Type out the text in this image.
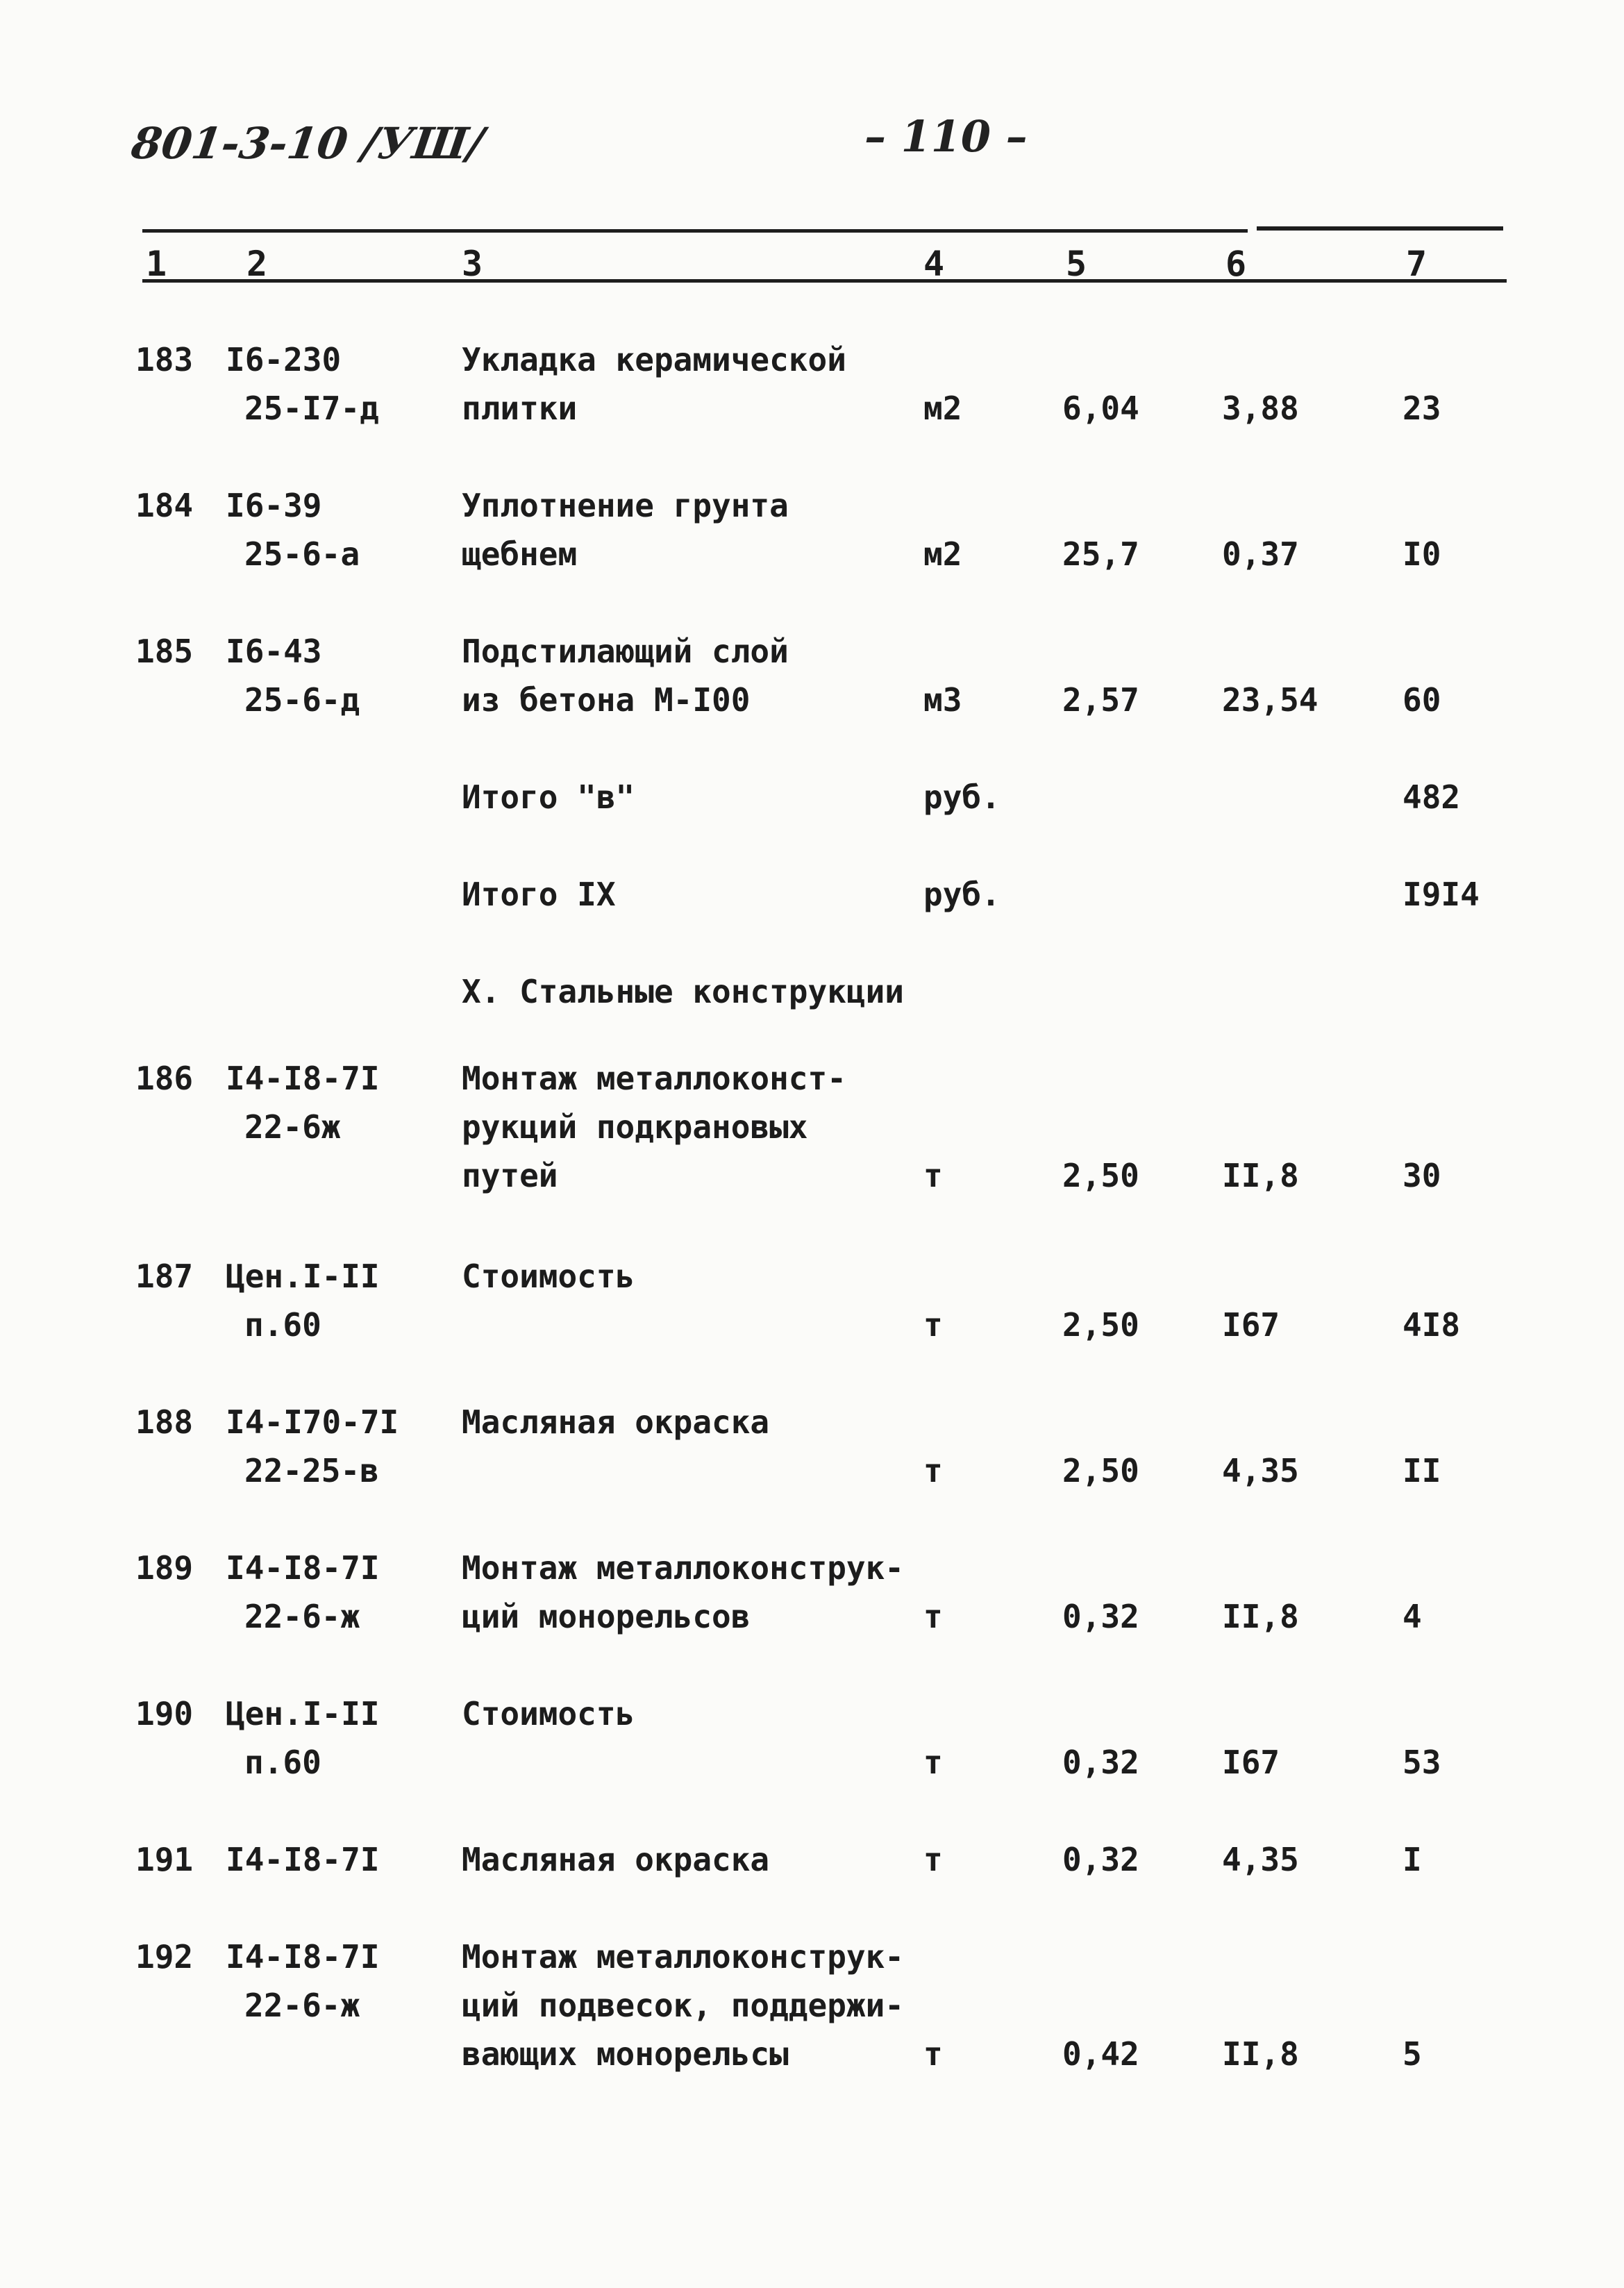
801-3-10 /УШ/	– 110 –
1 2	3	4	5	6	7
183 I6-230
25-I7-д
Укладка керамической
плитки	м2	6,04	3,88	23
184 I6-39
25-6-а
Уплотнение грунта
щебнем	м2	25,7	0,37	I0
185 I6-43
25-6-д
Подстилающий слой
из бетона М-I00	м3	2,57	23,54	60
Итого "в"	руб.	482
Итого IX	руб.	I9I4
X. Стальные конструкции
186 I4-I8-7I
22-6ж
Монтаж металлоконст-
рукций подкрановых
путей	т	2,50	II,8	30
187 Цен.I-II
п.60
Стоимость
т	2,50	I67	4I8
188 I4-I70-7I
22-25-в
Масляная окраска
т	2,50	4,35	II
189 I4-I8-7I
22-6-ж
Монтаж металлоконструк-
ций монорельсов	т	0,32	II,8	4
190 Цен.I-II
п.60
Стоимость
т	0,32	I67	53
191 I4-I8-7I	Масляная окраска	т	0,32	4,35	I
192 I4-I8-7I
22-6-ж
Монтаж металлоконструк-
ций подвесок, поддержи-
вающих монорельсы	т	0,42	II,8	5
